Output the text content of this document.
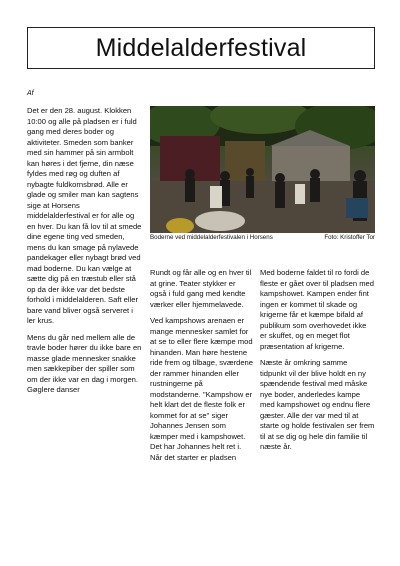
Middelalderfestival
Af

Det er den 28. august. Klokken 10:00 og alle på pladsen er i fuld gang med deres boder og aktiviteter. Smeden som banker med sin hammer på sin armbolt kan høres i det fjerne, din næse fyldes med røg og duften af nybagte fuldkornsbrød. Alle er glade og smiler man kan sagtens sige at Horsens middelalderfestival er for alle og en hver. Du kan få lov til at smede dine egene ting ved smeden, mens du kan smage på nylavede pandekager eller nybagt brød ved mad boderne. Du kan vælge at sætte dig på en træstub eller stå op da der ikke var det bedste forhold i middelalderen. Saft eller bare vand bliver også serveret i ler krus.

Mens du går ned mellem alle de travle boder hører du ikke bare en masse glade mennesker snakke men sækkepiber der spiller som om der ikke var en dag i morgen. Gøglere danser

Boderne ved middelalderfestivalen i Horsens	Foto: Kristoffer Tor

Rundt og får alle og en hver til at grine. Teater stykker er også i fuld gang med kendte værker eller hjemmelavede.

Ved kampshows arenaen er mange mennesker samlet for at se to eller flere kæmpe mod hinanden. Man høre hestene ride frem og tilbage, sværdene der rammer hinanden eller rustningerne på modstanderne. ''Kampshow er helt klart det de fleste folk er kommet for at se'' siger Johannes Jensen som kæmper med i kampshowet. Det har Johannes helt ret i. Når det starter er pladsen

Med boderne faldet til ro fordi de fleste er gået over til pladsen med kampshowet. Kampen ender fint ingen er kommet til skade og krigerne får et kæmpe bifald af publikum som overhovedet ikke er skuffet, og en meget flot præsentation af krigerne.

Næste år omkring samme tidpunkt vil der blive holdt en ny spændende festival med måske nye boder, anderledes kampe med kampshowet og endnu flere gæster. Alle der var med til at starte og holde festivalen ser frem til at se dig og hele din familie til næste år.
